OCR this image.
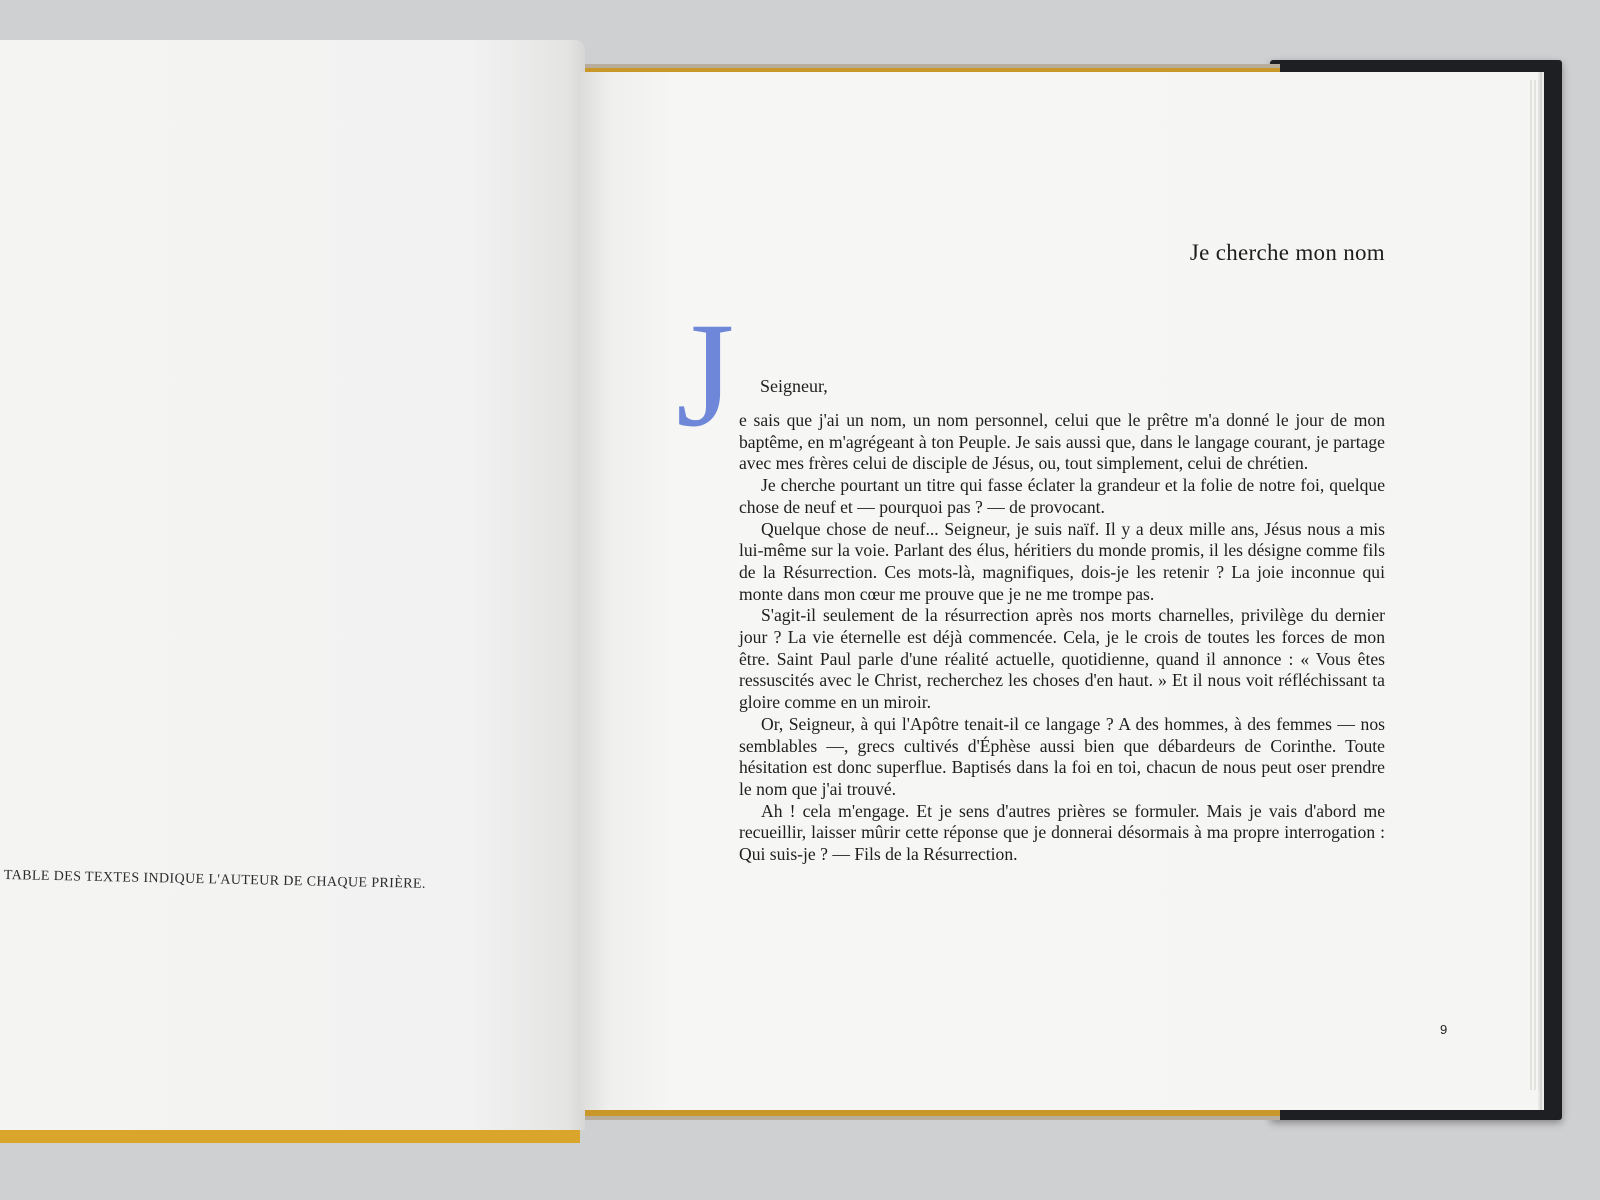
TABLE DES TEXTES INDIQUE L'AUTEUR DE CHAQUE PRIÈRE.
Je cherche mon nom
J Seigneur,

e sais que j'ai un nom, un nom personnel, celui que le prêtre m'a donné le jour de mon baptême, en m'agrégeant à ton Peuple. Je sais aussi que, dans le langage courant, je partage avec mes frères celui de disciple de Jésus, ou, tout simplement, celui de chrétien.

Je cherche pourtant un titre qui fasse éclater la grandeur et la folie de notre foi, quelque chose de neuf et — pourquoi pas ? — de provocant.

Quelque chose de neuf... Seigneur, je suis naïf. Il y a deux mille ans, Jésus nous a mis lui-même sur la voie. Parlant des élus, héritiers du monde promis, il les désigne comme fils de la Résurrection. Ces mots-là, magnifiques, dois-je les retenir ? La joie inconnue qui monte dans mon cœur me prouve que je ne me trompe pas.

S'agit-il seulement de la résurrection après nos morts charnelles, privilège du dernier jour ? La vie éternelle est déjà commencée. Cela, je le crois de toutes les forces de mon être. Saint Paul parle d'une réalité actuelle, quotidienne, quand il annonce : « Vous êtes ressuscités avec le Christ, recherchez les choses d'en haut. » Et il nous voit réfléchissant ta gloire comme en un miroir.

Or, Seigneur, à qui l'Apôtre tenait-il ce langage ? A des hommes, à des femmes — nos semblables —, grecs cultivés d'Éphèse aussi bien que débardeurs de Corinthe. Toute hésitation est donc superflue. Baptisés dans la foi en toi, chacun de nous peut oser prendre le nom que j'ai trouvé.

Ah ! cela m'engage. Et je sens d'autres prières se formuler. Mais je vais d'abord me recueillir, laisser mûrir cette réponse que je donnerai désormais à ma propre interrogation : Qui suis-je ? — Fils de la Résurrection.

9
